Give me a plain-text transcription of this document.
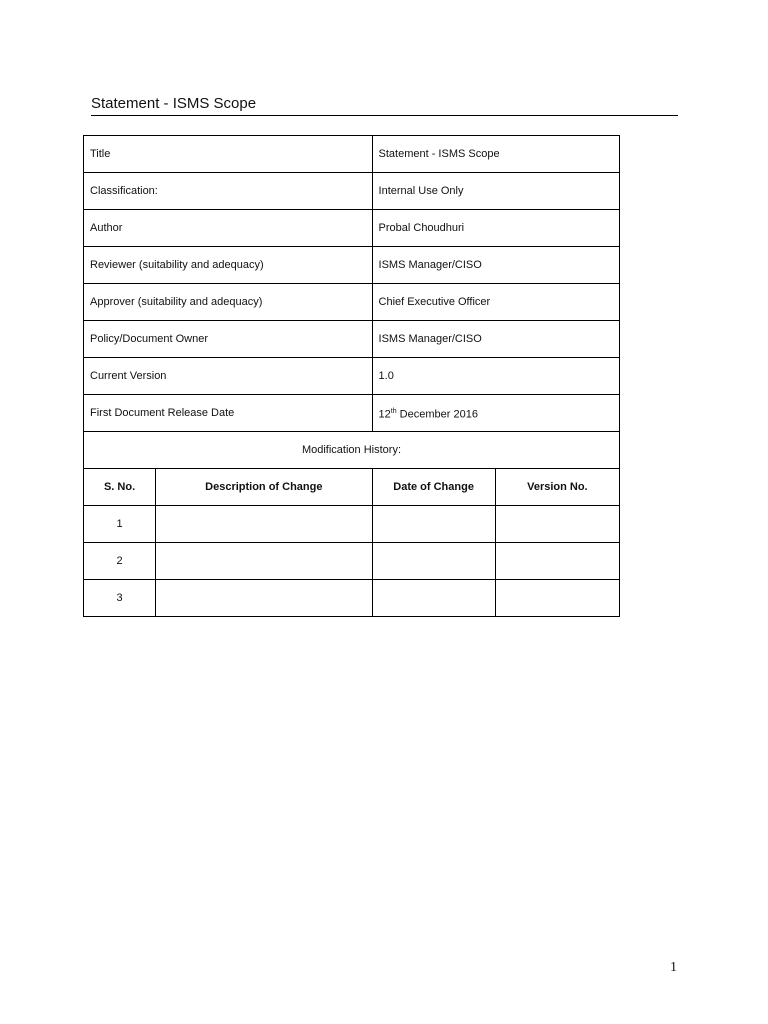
Statement - ISMS Scope
Title		Statement - ISMS Scope	
Classification:		Internal Use Only	
Author		Probal Choudhuri	
Reviewer (suitability and adequacy)		ISMS Manager/CISO	
Approver (suitability and adequacy)		Chief Executive Officer	
Policy/Document Owner		ISMS Manager/CISO	
Current Version		1.0	
First Document Release Date		12th December 2016	
Modification History:			
S. No.	Description of Change	Date of Change	Version No.
1			
2			
3			
1
